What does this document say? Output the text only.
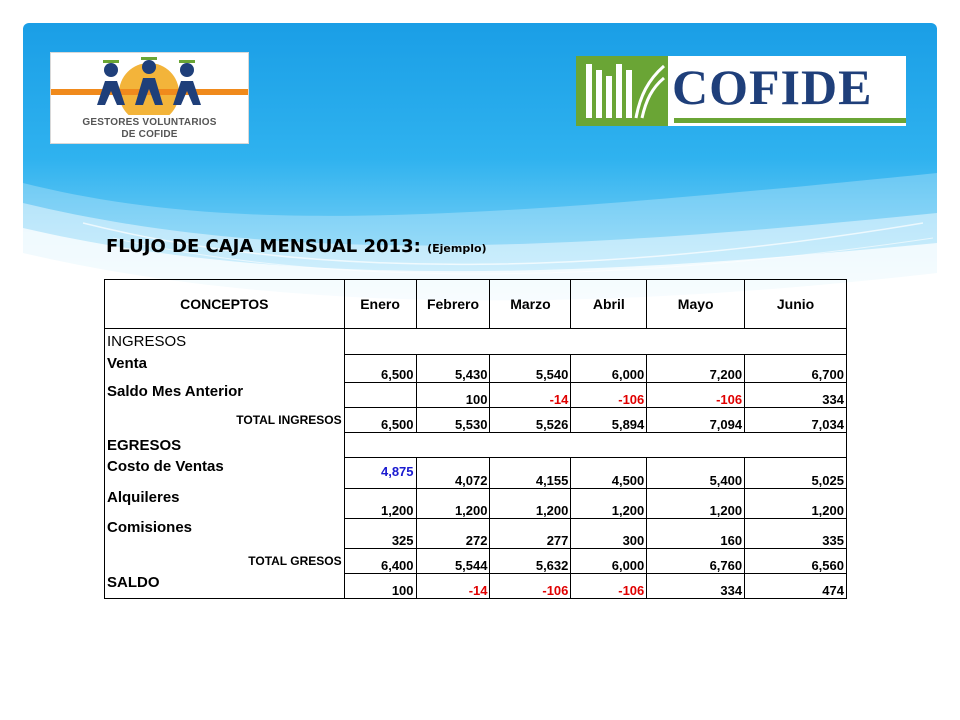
GESTORES VOLUNTARIOS
DE COFIDE
COFIDE
FLUJO DE CAJA MENSUAL 2013: (Ejemplo)
CONCEPTOS	Enero	Febrero	Marzo	Abril	Mayo	Junio
INGRESOS						
Venta	6,500	5,430	5,540	6,000	7,200	6,700
Saldo Mes Anterior		100	-14	-106	-106	334
TOTAL INGRESOS	6,500	5,530	5,526	5,894	7,094	7,034
EGRESOS						
Costo de Ventas	4,875	4,072	4,155	4,500	5,400	5,025
Alquileres	1,200	1,200	1,200	1,200	1,200	1,200
Comisiones	325	272	277	300	160	335
TOTAL GRESOS	6,400	5,544	5,632	6,000	6,760	6,560
SALDO	100	-14	-106	-106	334	474
